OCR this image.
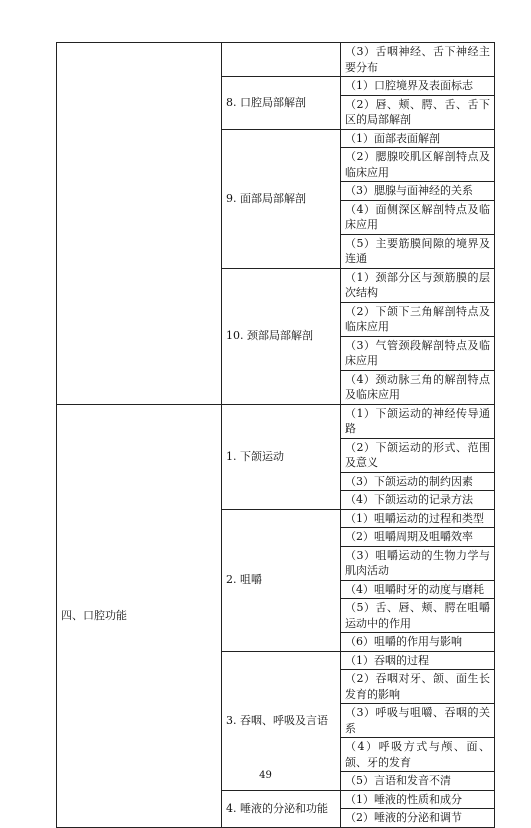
		（3）舌咽神经、舌下神经主要分布
	8. 口腔局部解剖	（1）口腔境界及表面标志
		（2）唇、颊、腭、舌、舌下区的局部解剖
	9. 面部局部解剖	（1）面部表面解剖
		（2）腮腺咬肌区解剖特点及临床应用
		（3）腮腺与面神经的关系
		（4）面侧深区解剖特点及临床应用
		（5）主要筋膜间隙的境界及连通
	10. 颈部局部解剖	（1）颈部分区与颈筋膜的层次结构
		（2）下颌下三角解剖特点及临床应用
		（3）气管颈段解剖特点及临床应用
		（4）颈动脉三角的解剖特点及临床应用
四、口腔功能	1. 下颌运动	（1）下颌运动的神经传导通路
		（2）下颌运动的形式、范围及意义
		（3）下颌运动的制约因素
		（4）下颌运动的记录方法
	2. 咀嚼	（1）咀嚼运动的过程和类型
		（2）咀嚼周期及咀嚼效率
		（3）咀嚼运动的生物力学与肌肉活动
		（4）咀嚼时牙的动度与磨耗
		（5）舌、唇、颊、腭在咀嚼运动中的作用
		（6）咀嚼的作用与影响
	3. 吞咽、呼吸及言语	（1）吞咽的过程
		（2）吞咽对牙、颌、面生长发育的影响
		（3）呼吸与咀嚼、吞咽的关系
		（4）呼吸方式与颅、面、颌、牙的发育
		（5）言语和发音不清
	4. 唾液的分泌和功能	（1）唾液的性质和成分
		（2）唾液的分泌和调节
49
